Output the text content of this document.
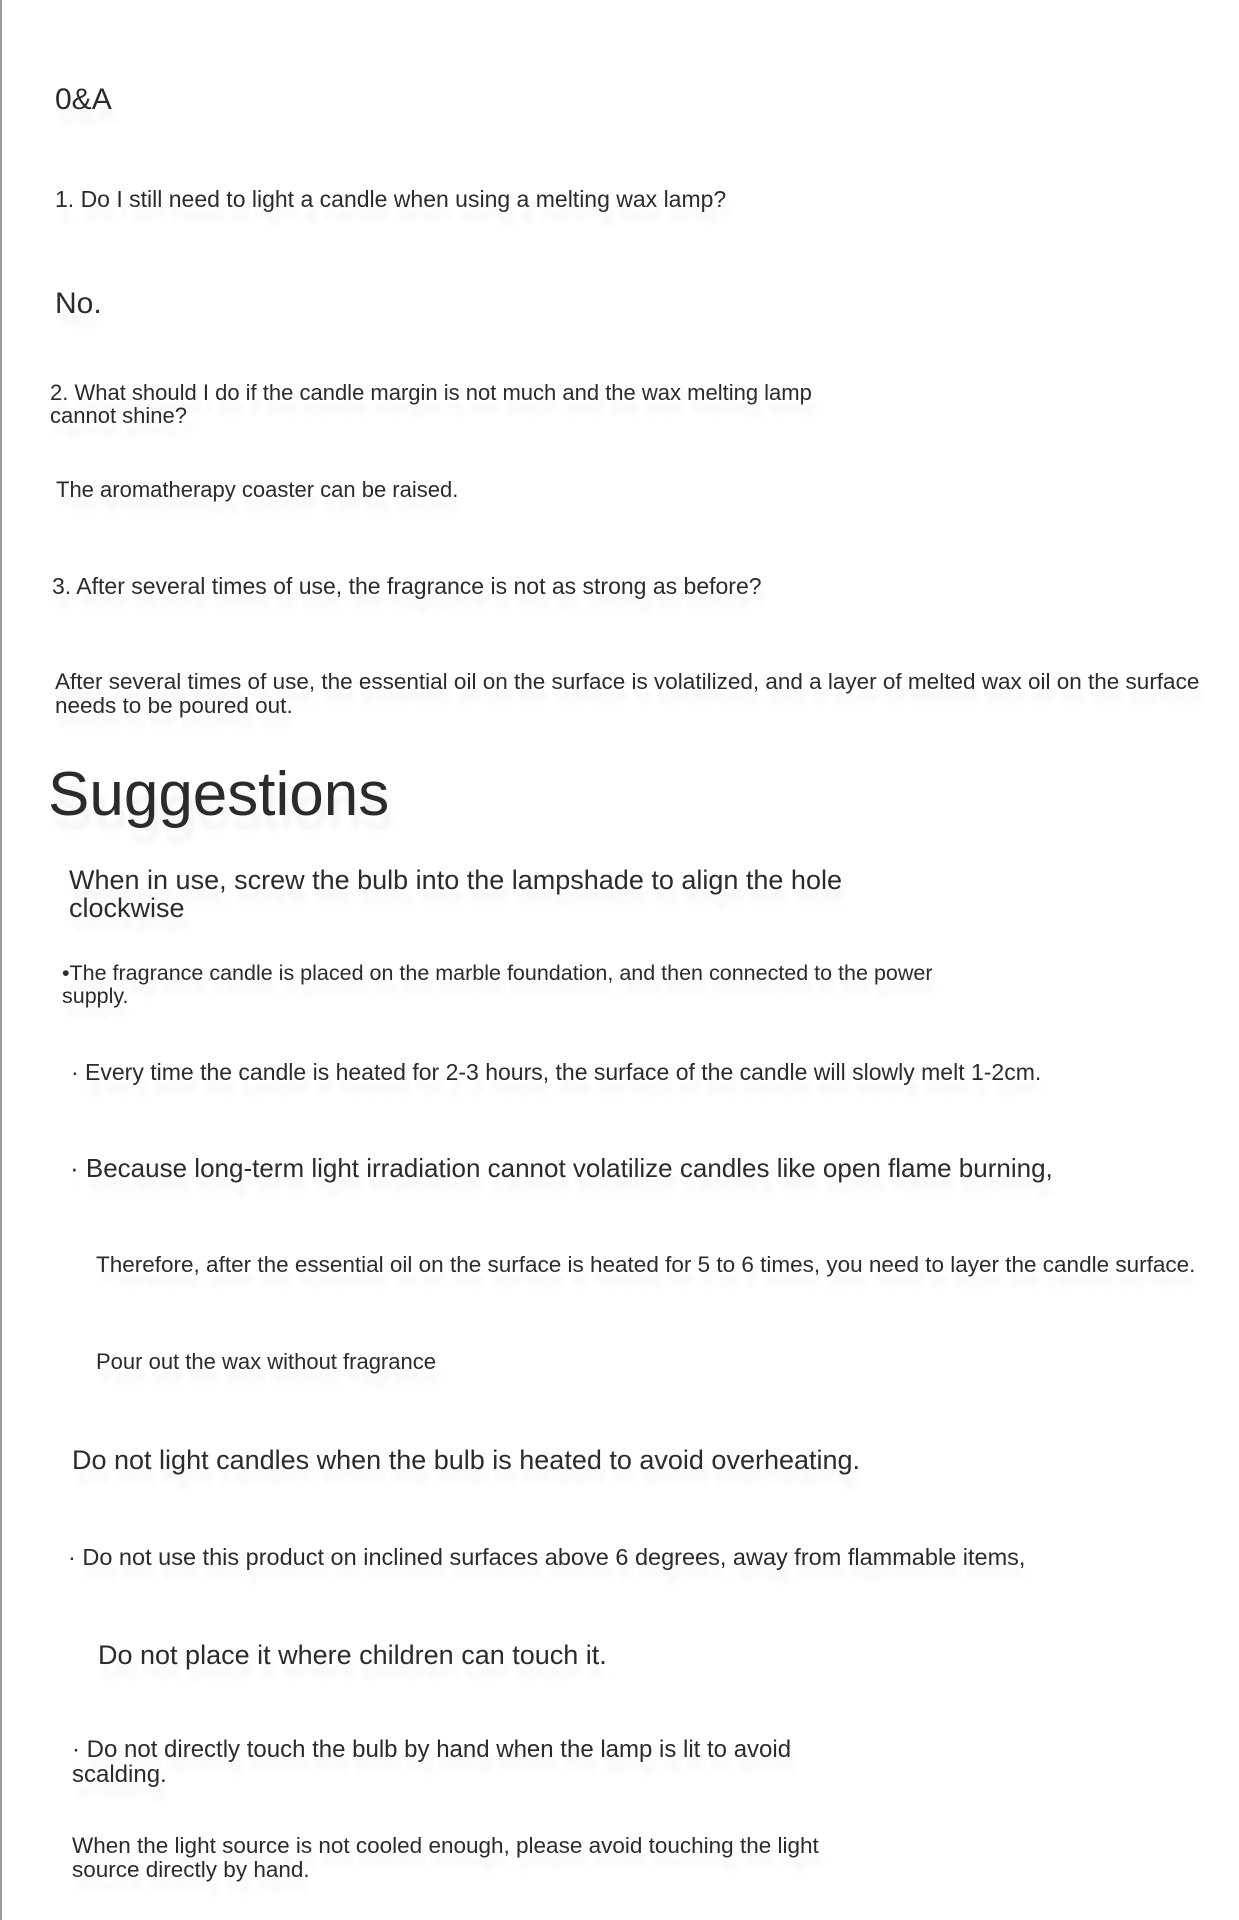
0&A
1. Do I still need to light a candle when using a melting wax lamp?
No.
2. What should I do if the candle margin is not much and the wax melting lamp cannot shine?
The aromatherapy coaster can be raised.
3. After several times of use, the fragrance is not as strong as before?
After several times of use, the essential oil on the surface is volatilized, and a layer of melted wax oil on the surface needs to be poured out.
Suggestions
When in use, screw the bulb into the lampshade to align the hole clockwise
•The fragrance candle is placed on the marble foundation, and then connected to the power supply.
· Every time the candle is heated for 2-3 hours, the surface of the candle will slowly melt 1-2cm.
· Because long-term light irradiation cannot volatilize candles like open flame burning,
Therefore, after the essential oil on the surface is heated for 5 to 6 times, you need to layer the candle surface.
Pour out the wax without fragrance
Do not light candles when the bulb is heated to avoid overheating.
· Do not use this product on inclined surfaces above 6 degrees, away from flammable items,
Do not place it where children can touch it.
· Do not directly touch the bulb by hand when the lamp is lit to avoid scalding.
When the light source is not cooled enough, please avoid touching the light source directly by hand.
